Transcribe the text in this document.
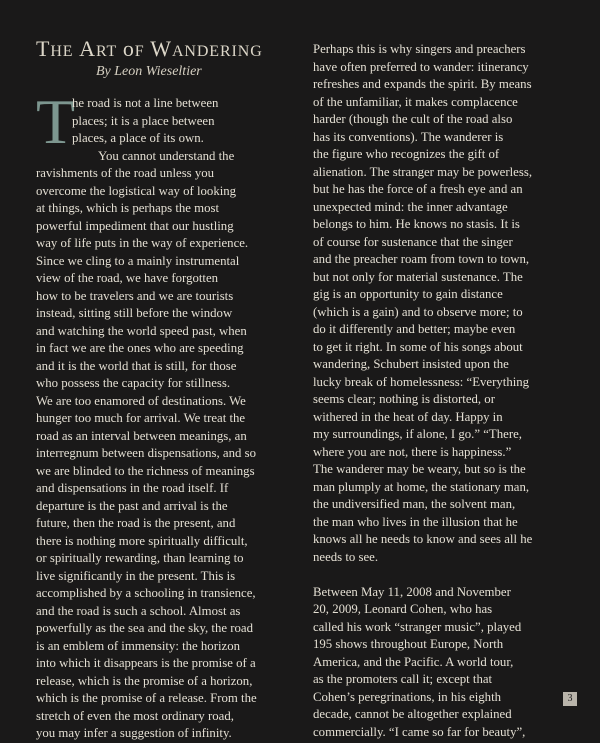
THE ART oF WANDERING
By Leon Wieseltier
T
he road is not a line between
places; it is a place between
places, a place of its own.
You cannot understand the
ravishments of the road unless you
overcome the logistical way of looking
at things, which is perhaps the most
powerful impediment that our hustling
way of life puts in the way of experience.
Since we cling to a mainly instrumental
view of the road, we have forgotten
how to be travelers and we are tourists
instead, sitting still before the window
and watching the world speed past, when
in fact we are the ones who are speeding
and it is the world that is still, for those
who possess the capacity for stillness.
We are too enamored of destinations. We
hunger too much for arrival. We treat the
road as an interval between meanings, an
interregnum between dispensations, and so
we are blinded to the richness of meanings
and dispensations in the road itself. If
departure is the past and arrival is the
future, then the road is the present, and
there is nothing more spiritually difficult,
or spiritually rewarding, than learning to
live significantly in the present. This is
accomplished by a schooling in transience,
and the road is such a school. Almost as
powerfully as the sea and the sky, the road
is an emblem of immensity: the horizon
into which it disappears is the promise of a
release, which is the promise of a horizon,
which is the promise of a release. From the
stretch of even the most ordinary road,
you may infer a suggestion of infinity.
Perhaps this is why singers and preachers
have often preferred to wander: itinerancy
refreshes and expands the spirit. By means
of the unfamiliar, it makes complacence
harder (though the cult of the road also
has its conventions). The wanderer is
the figure who recognizes the gift of
alienation. The stranger may be powerless,
but he has the force of a fresh eye and an
unexpected mind: the inner advantage
belongs to him. He knows no stasis. It is
of course for sustenance that the singer
and the preacher roam from town to town,
but not only for material sustenance. The
gig is an opportunity to gain distance
(which is a gain) and to observe more; to
do it differently and better; maybe even
to get it right. In some of his songs about
wandering, Schubert insisted upon the
lucky break of homelessness: “Everything
seems clear; nothing is distorted, or
withered in the heat of day. Happy in
my surroundings, if alone, I go.” “There,
where you are not, there is happiness.”
The wanderer may be weary, but so is the
man plumply at home, the stationary man,
the undiversified man, the solvent man,
the man who lives in the illusion that he
knows all he needs to know and sees all he
needs to see.
Between May 11, 2008 and November
20, 2009, Leonard Cohen, who has
called his work “stranger music”, played
195 shows throughout Europe, North
America, and the Pacific. A world tour,
as the promoters call it; except that
Cohen’s peregrinations, in his eighth
decade, cannot be altogether explained
commercially. “I came so far for beauty”,
3
